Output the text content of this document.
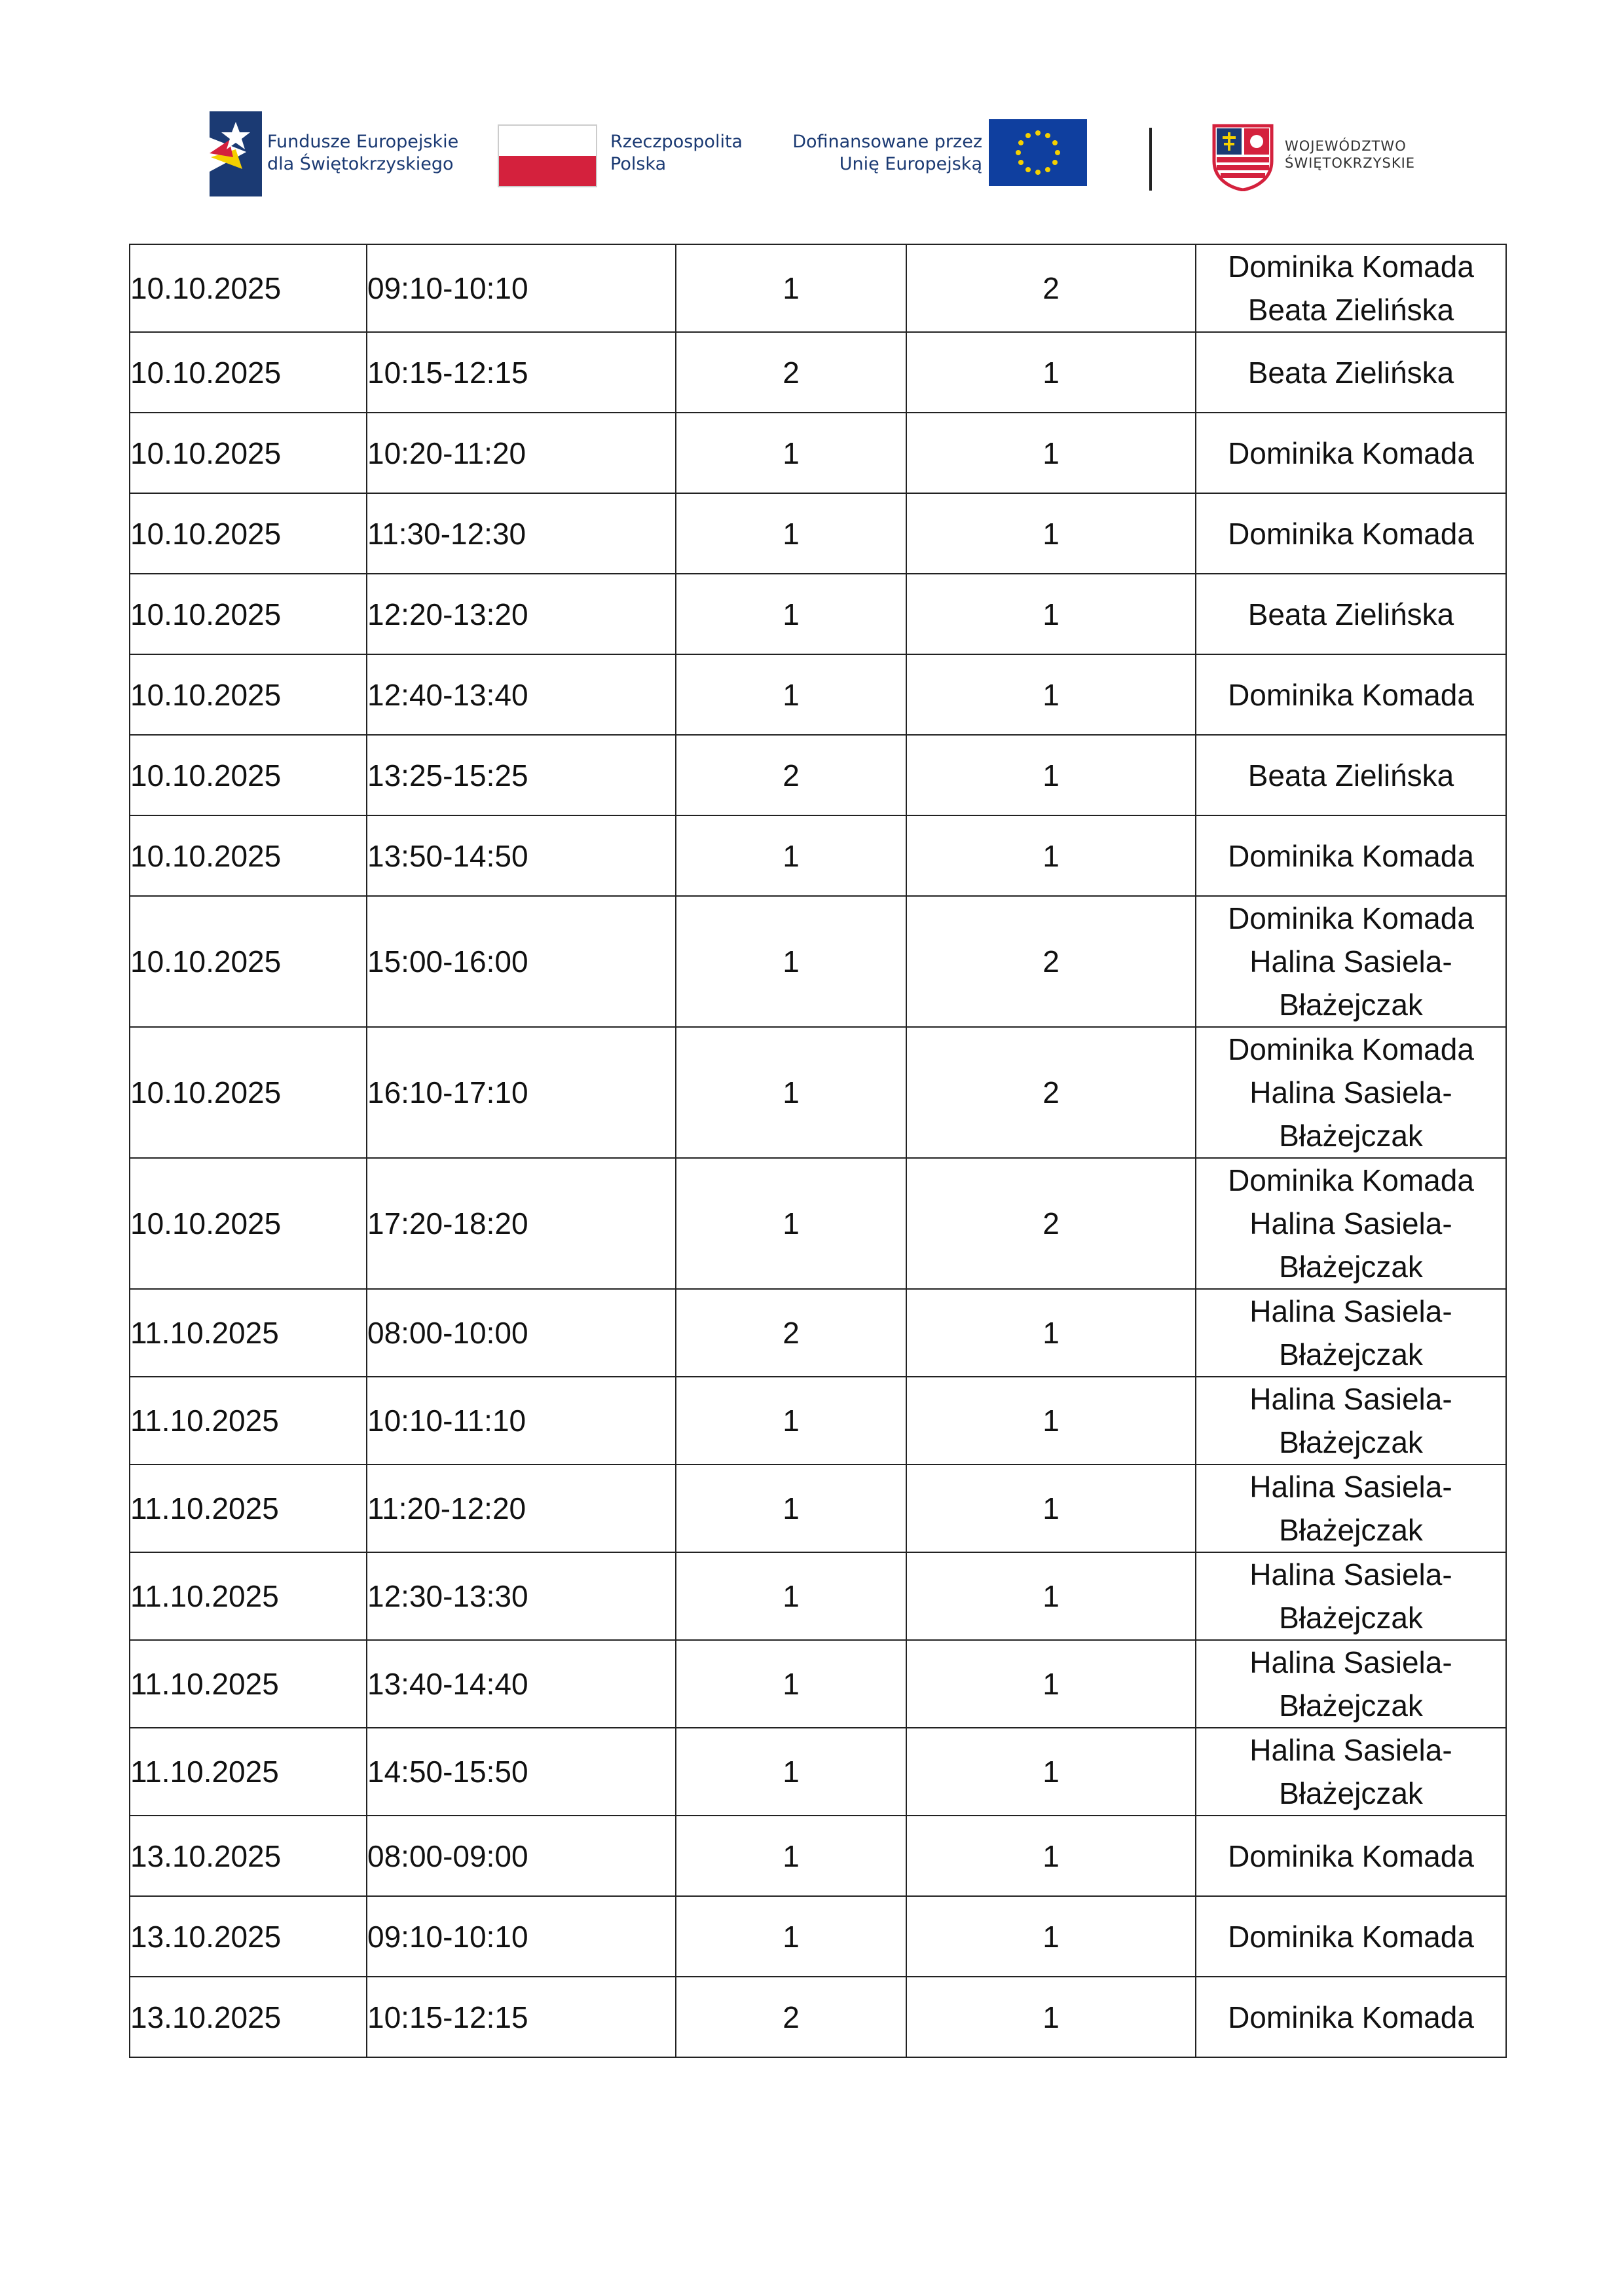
Fundusze Europejskie
dla Świętokrzyskiego
Rzeczpospolita
Polska
Dofinansowane przez
Unię Europejską
WOJEWÓDZTWO
ŚWIĘTOKRZYSKIE
10.10.2025	09:10-10:10	1	2	Dominika Komada
Beata Zielińska

10.10.2025	10:15-12:15	2	1	Beata Zielińska

10.10.2025	10:20-11:20	1	1	Dominika Komada

10.10.2025	11:30-12:30	1	1	Dominika Komada

10.10.2025	12:20-13:20	1	1	Beata Zielińska

10.10.2025	12:40-13:40	1	1	Dominika Komada

10.10.2025	13:25-15:25	2	1	Beata Zielińska

10.10.2025	13:50-14:50	1	1	Dominika Komada

10.10.2025	15:00-16:00	1	2	Dominika Komada
Halina Sasiela-
Błażejczak

10.10.2025	16:10-17:10	1	2	Dominika Komada
Halina Sasiela-
Błażejczak

10.10.2025	17:20-18:20	1	2	Dominika Komada
Halina Sasiela-
Błażejczak

11.10.2025	08:00-10:00	2	1	Halina Sasiela-
Błażejczak

11.10.2025	10:10-11:10	1	1	Halina Sasiela-
Błażejczak

11.10.2025	11:20-12:20	1	1	Halina Sasiela-
Błażejczak

11.10.2025	12:30-13:30	1	1	Halina Sasiela-
Błażejczak

11.10.2025	13:40-14:40	1	1	Halina Sasiela-
Błażejczak

11.10.2025	14:50-15:50	1	1	Halina Sasiela-
Błażejczak

13.10.2025	08:00-09:00	1	1	Dominika Komada

13.10.2025	09:10-10:10	1	1	Dominika Komada

13.10.2025	10:15-12:15	2	1	Dominika Komada
